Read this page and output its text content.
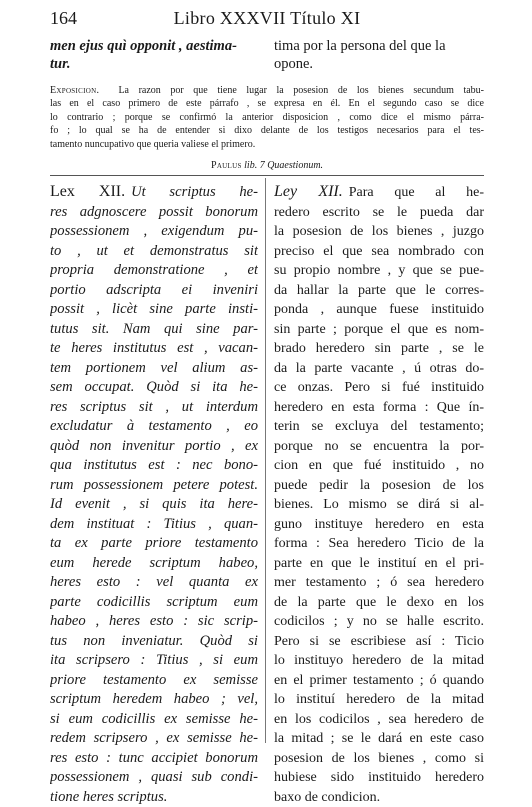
164	Libro XXXVII Título XI
men ejus quì opponit , aestima-
tur.
tima por la persona del que la
opone.
Exposicion. La razon por que tiene lugar la posesion de los bienes secundum tabu-
las en el caso primero de este párrafo , se expresa en él. En el segundo caso se dice
lo contrario ; porque se confirmó la anterior disposicion , como dice el mismo párra-
fo ; lo qual se ha de entender si dixo delante de los testigos necesarios para el tes-
tamento nuncupativo que queria valiese el primero.
Paulus lib. 7 Quaestionum.
Lex XII. Ut scriptus he-
res adgnoscere possit bonorum
possessionem , exigendum pu-
to , ut et demonstratus sit
propria demonstratione , et
portio adscripta ei inveniri
possit , licèt sine parte insti-
tutus sit. Nam qui sine par-
te heres institutus est , vacan-
tem portionem vel alium as-
sem occupat. Quòd si ita he-
res scriptus sit , ut interdum
excludatur à testamento , eo
quòd non invenitur portio , ex
qua institutus est : nec bono-
rum possessionem petere potest.
Id evenit , si quis ita here-
dem instituat : Titius , quan-
ta ex parte priore testamento
eum herede scriptum habeo,
heres esto : vel quanta ex
parte codicillis scriptum eum
habeo , heres esto : sic scrip-
tus non inveniatur. Quòd si
ita scripsero : Titius , si eum
priore testamento ex semisse
scriptum heredem habeo ; vel,
si eum codicillis ex semisse he-
redem scripsero , ex semisse he-
res esto : tunc accipiet bonorum
possessionem , quasi sub condi-
tione heres scriptus.
Ley XII. Para que al he-
redero escrito se le pueda dar
la posesion de los bienes , juzgo
preciso el que sea nombrado con
su propio nombre , y que se pue-
da hallar la parte que le corres-
ponda , aunque fuese instituido
sin parte ; porque el que es nom-
brado heredero sin parte , se le
da la parte vacante , ú otras do-
ce onzas. Pero si fué instituido
heredero en esta forma : Que ín-
terin se excluya del testamento;
porque no se encuentra la por-
cion en que fué instituido , no
puede pedir la posesion de los
bienes. Lo mismo se dirá si al-
guno instituye heredero en esta
forma : Sea heredero Ticio de la
parte en que le instituí en el pri-
mer testamento ; ó sea heredero
de la parte que le dexo en los
codicilos ; y no se halle escrito.
Pero si se escribiese así : Ticio
lo instituyo heredero de la mitad
en el primer testamento ; ó quando
lo instituí heredero de la mitad
en los codicilos , sea heredero de
la mitad ; se le dará en este caso
posesion de los bienes , como si
hubiese sido instituido heredero
baxo de condicion.
